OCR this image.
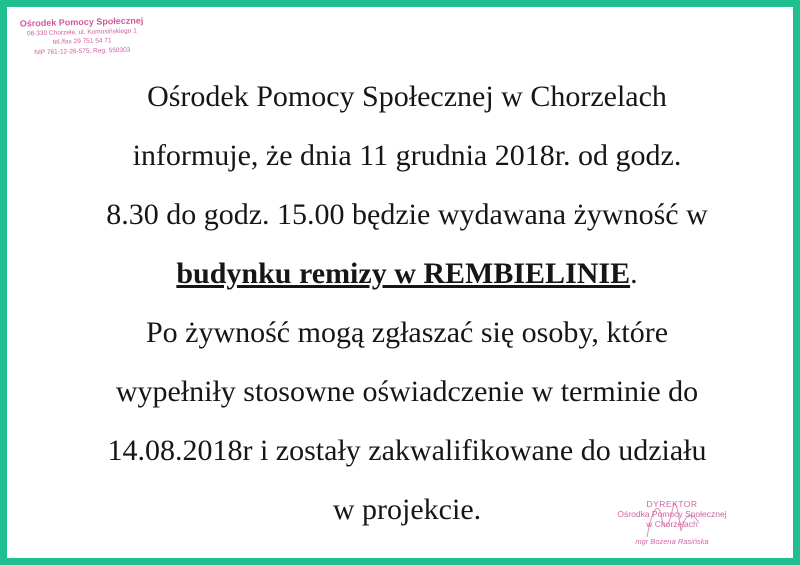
Ośrodek Pomocy Społecznej
06-330 Chorzele, ul. Komosińskiego 1
tel./fax 29 751 54 71
NIP 761-12-26-575, Reg. 550303
Ośrodek Pomocy Społecznej w Chorzelach
informuje, że dnia 11 grudnia 2018r. od godz.
8.30 do godz. 15.00 będzie wydawana żywność w
budynku remizy w REMBIELINIE.
Po żywność mogą zgłaszać się osoby, które
wypełniły stosowne oświadczenie w terminie do
14.08.2018r i zostały zakwalifikowane do udziału
w projekcie.	DYREKTOR
Ośrodka Pomocy Społecznej
w Chorzelach
mgr Bożena Rasińska
